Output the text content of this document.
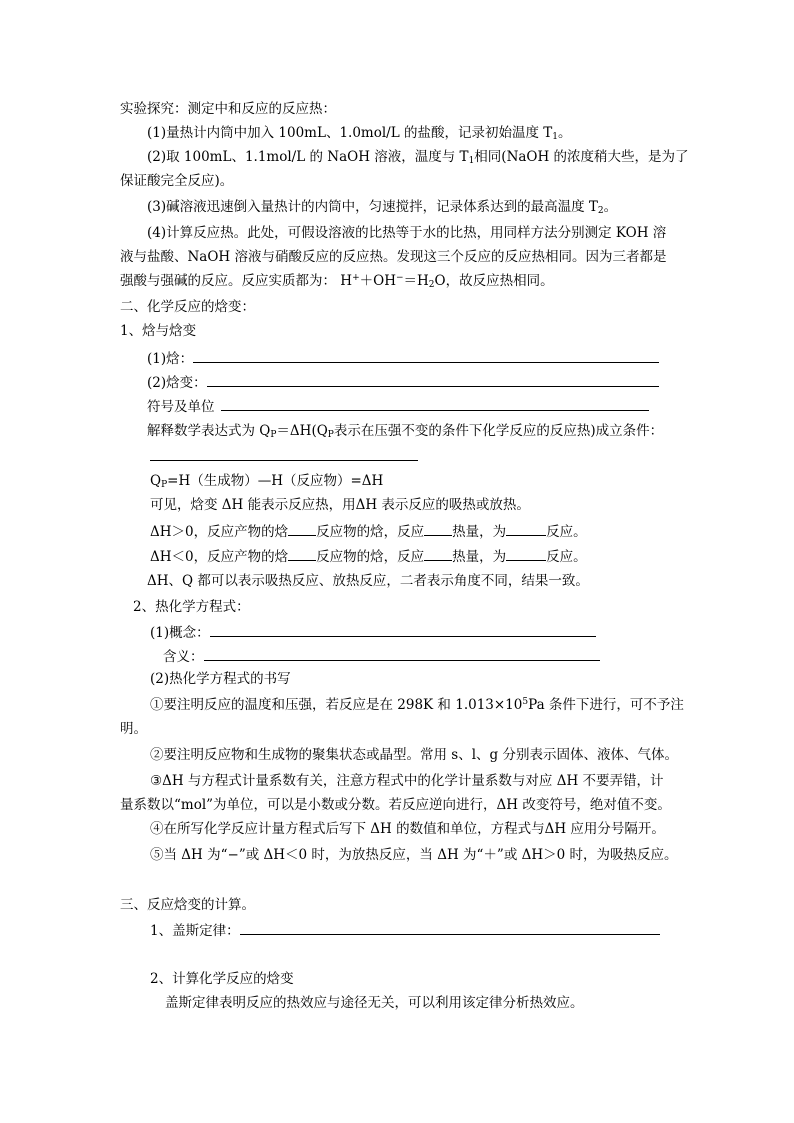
实验探究：测定中和反应的反应热：
(1)量热计内筒中加入 100mL、1.0mol/L 的盐酸，记录初始温度 $T_1$。
(2)取 100mL、1.1mol/L 的 NaOH 溶液，温度与 $T_1$相同(NaOH 的浓度稍大些，是为了
保证酸完全反应)。
(3)碱溶液迅速倒入量热计的内筒中，匀速搅拌，记录体系达到的最高温度 $T_2$。
(4)计算反应热。此处，可假设溶液的比热等于水的比热，用同样方法分别测定 KOH 溶
液与盐酸、NaOH 溶液与硝酸反应的反应热。发现这三个反应的反应热相同。因为三者都是
强酸与强碱的反应。反应实质都为： $H^++OH^-=H_2O$，故反应热相同。
二、化学反应的焓变：
1、焓与焓变
(1)焓：
(2)焓变：
符号及单位
解释数学表达式为 $Q_P=\Delta H(Q_P$表示在压强不变的条件下化学反应的反应热)成立条件：
$Q_P=H$（生成物）—H（反应物）=ΔH
可见，焓变 ΔH 能表示反应热，用ΔH 表示反应的吸热或放热。
ΔH＞0，反应产物的焓 反应物的焓，反应 热量，为	反应。
ΔH＜0，反应产物的焓 反应物的焓，反应 热量，为	反应。
ΔH、Q 都可以表示吸热反应、放热反应，二者表示角度不同，结果一致。
2、热化学方程式：
(1)概念：
含义：
(2)热化学方程式的书写
①要注明反应的温度和压强，若反应是在 298K 和 $1.013\times 10^5Pa$ 条件下进行，可不予注
明。
②要注明反应物和生成物的聚集状态或晶型。常用 s、l、g 分别表示固体、液体、气体。
③ΔH 与方程式计量系数有关，注意方程式中的化学计量系数与对应 ΔH 不要弄错，计
量系数以“mol”为单位，可以是小数或分数。若反应逆向进行，ΔH 改变符号，绝对值不变。
④在所写化学反应计量方程式后写下 ΔH 的数值和单位，方程式与ΔH 应用分号隔开。
⑤当 ΔH 为“−”或 ΔH＜0 时，为放热反应，当 ΔH 为“＋”或 ΔH＞0 时，为吸热反应。
三、反应焓变的计算。
1、盖斯定律：
2、计算化学反应的焓变
盖斯定律表明反应的热效应与途径无关，可以利用该定律分析热效应。
